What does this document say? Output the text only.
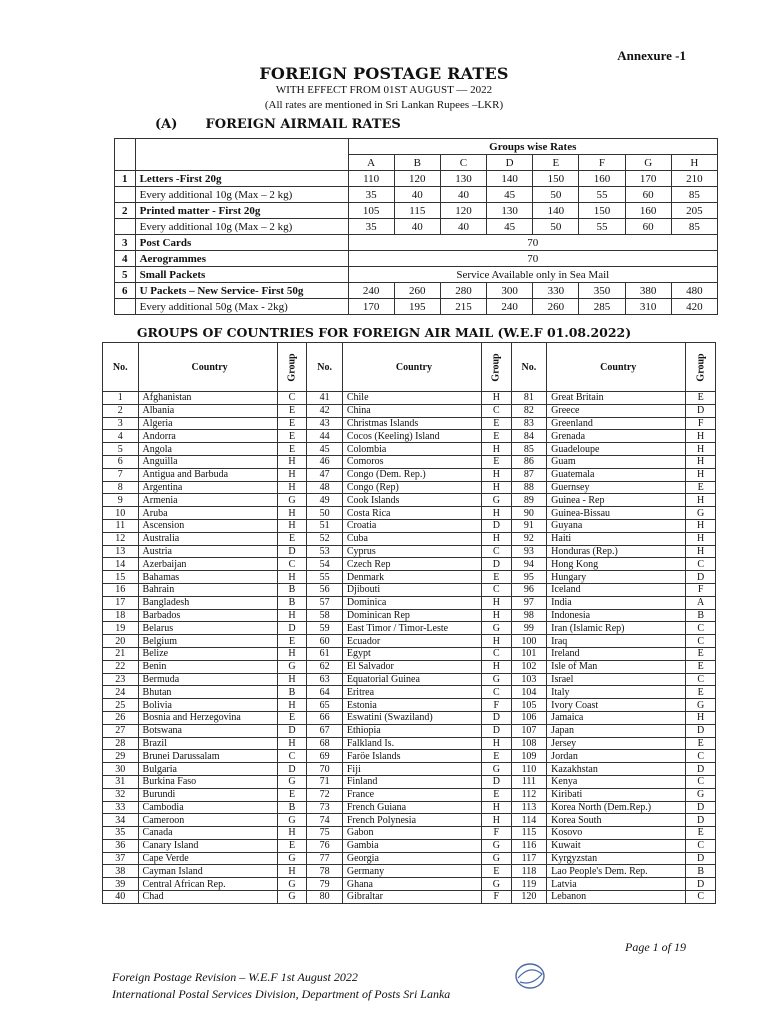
Annexure -1
FOREIGN POSTAGE RATES
WITH EFFECT FROM 01ST AUGUST — 2022
(All rates are mentioned in Sri Lankan Rupees –LKR)
(A) FOREIGN AIRMAIL RATES
		Groups wise Rates							
		A	B	C	D	E	F	G	H
1	Letters -First 20g	110	120	130	140	150	160	170	210
	Every additional 10g (Max – 2 kg)	35	40	40	45	50	55	60	85
2	Printed matter - First 20g	105	115	120	130	140	150	160	205
	Every additional 10g (Max – 2 kg)	35	40	40	45	50	55	60	85
3	Post Cards	70							
4	Aerogrammes	70							
5	Small Packets	Service Available only in Sea Mail							
6	U Packets – New Service- First 50g	240	260	280	300	330	350	380	480
	Every additional 50g (Max - 2kg)	170	195	215	240	260	285	310	420
GROUPS OF COUNTRIES FOR FOREIGN AIR MAIL (W.E.F 01.08.2022)
No.	Country	Group	No.	Country	Group	No.	Country	Group
1	Afghanistan	C	41	Chile	H	81	Great Britain	E
2	Albania	E	42	China	C	82	Greece	D
3	Algeria	E	43	Christmas Islands	E	83	Greenland	F
4	Andorra	E	44	Cocos (Keeling) Island	E	84	Grenada	H
5	Angola	E	45	Colombia	H	85	Guadeloupe	H
6	Anguilla	H	46	Comoros	E	86	Guam	H
7	Antigua and Barbuda	H	47	Congo (Dem. Rep.)	H	87	Guatemala	H
8	Argentina	H	48	Congo (Rep)	H	88	Guernsey	E
9	Armenia	G	49	Cook Islands	G	89	Guinea - Rep	H
10	Aruba	H	50	Costa Rica	H	90	Guinea-Bissau	G
11	Ascension	H	51	Croatia	D	91	Guyana	H
12	Australia	E	52	Cuba	H	92	Haiti	H
13	Austria	D	53	Cyprus	C	93	Honduras (Rep.)	H
14	Azerbaijan	C	54	Czech Rep	D	94	Hong Kong	C
15	Bahamas	H	55	Denmark	E	95	Hungary	D
16	Bahrain	B	56	Djibouti	C	96	Iceland	F
17	Bangladesh	B	57	Dominica	H	97	India	A
18	Barbados	H	58	Dominican Rep	H	98	Indonesia	B
19	Belarus	D	59	East Timor / Timor-Leste	G	99	Iran (Islamic Rep)	C
20	Belgium	E	60	Ecuador	H	100	Iraq	C
21	Belize	H	61	Egypt	C	101	Ireland	E
22	Benin	G	62	El Salvador	H	102	Isle of Man	E
23	Bermuda	H	63	Equatorial Guinea	G	103	Israel	C
24	Bhutan	B	64	Eritrea	C	104	Italy	E
25	Bolivia	H	65	Estonia	F	105	Ivory Coast	G
26	Bosnia and Herzegovina	E	66	Eswatini (Swaziland)	D	106	Jamaica	H
27	Botswana	D	67	Ethiopia	D	107	Japan	D
28	Brazil	H	68	Falkland Is.	H	108	Jersey	E
29	Brunei Darussalam	C	69	Faröe Islands	E	109	Jordan	C
30	Bulgaria	D	70	Fiji	G	110	Kazakhstan	D
31	Burkina Faso	G	71	Finland	D	111	Kenya	C
32	Burundi	E	72	France	E	112	Kiribati	G
33	Cambodia	B	73	French Guiana	H	113	Korea North (Dem.Rep.)	D
34	Cameroon	G	74	French Polynesia	H	114	Korea South	D
35	Canada	H	75	Gabon	F	115	Kosovo	E
36	Canary Island	E	76	Gambia	G	116	Kuwait	C
37	Cape Verde	G	77	Georgia	G	117	Kyrgyzstan	D
38	Cayman Island	H	78	Germany	E	118	Lao People's Dem. Rep.	B
39	Central African Rep.	G	79	Ghana	G	119	Latvia	D
40	Chad	G	80	Gibraltar	F	120	Lebanon	C
Page 1 of 19
Foreign Postage Revision – W.E.F 1st August 2022
International Postal Services Division, Department of Posts Sri Lanka
